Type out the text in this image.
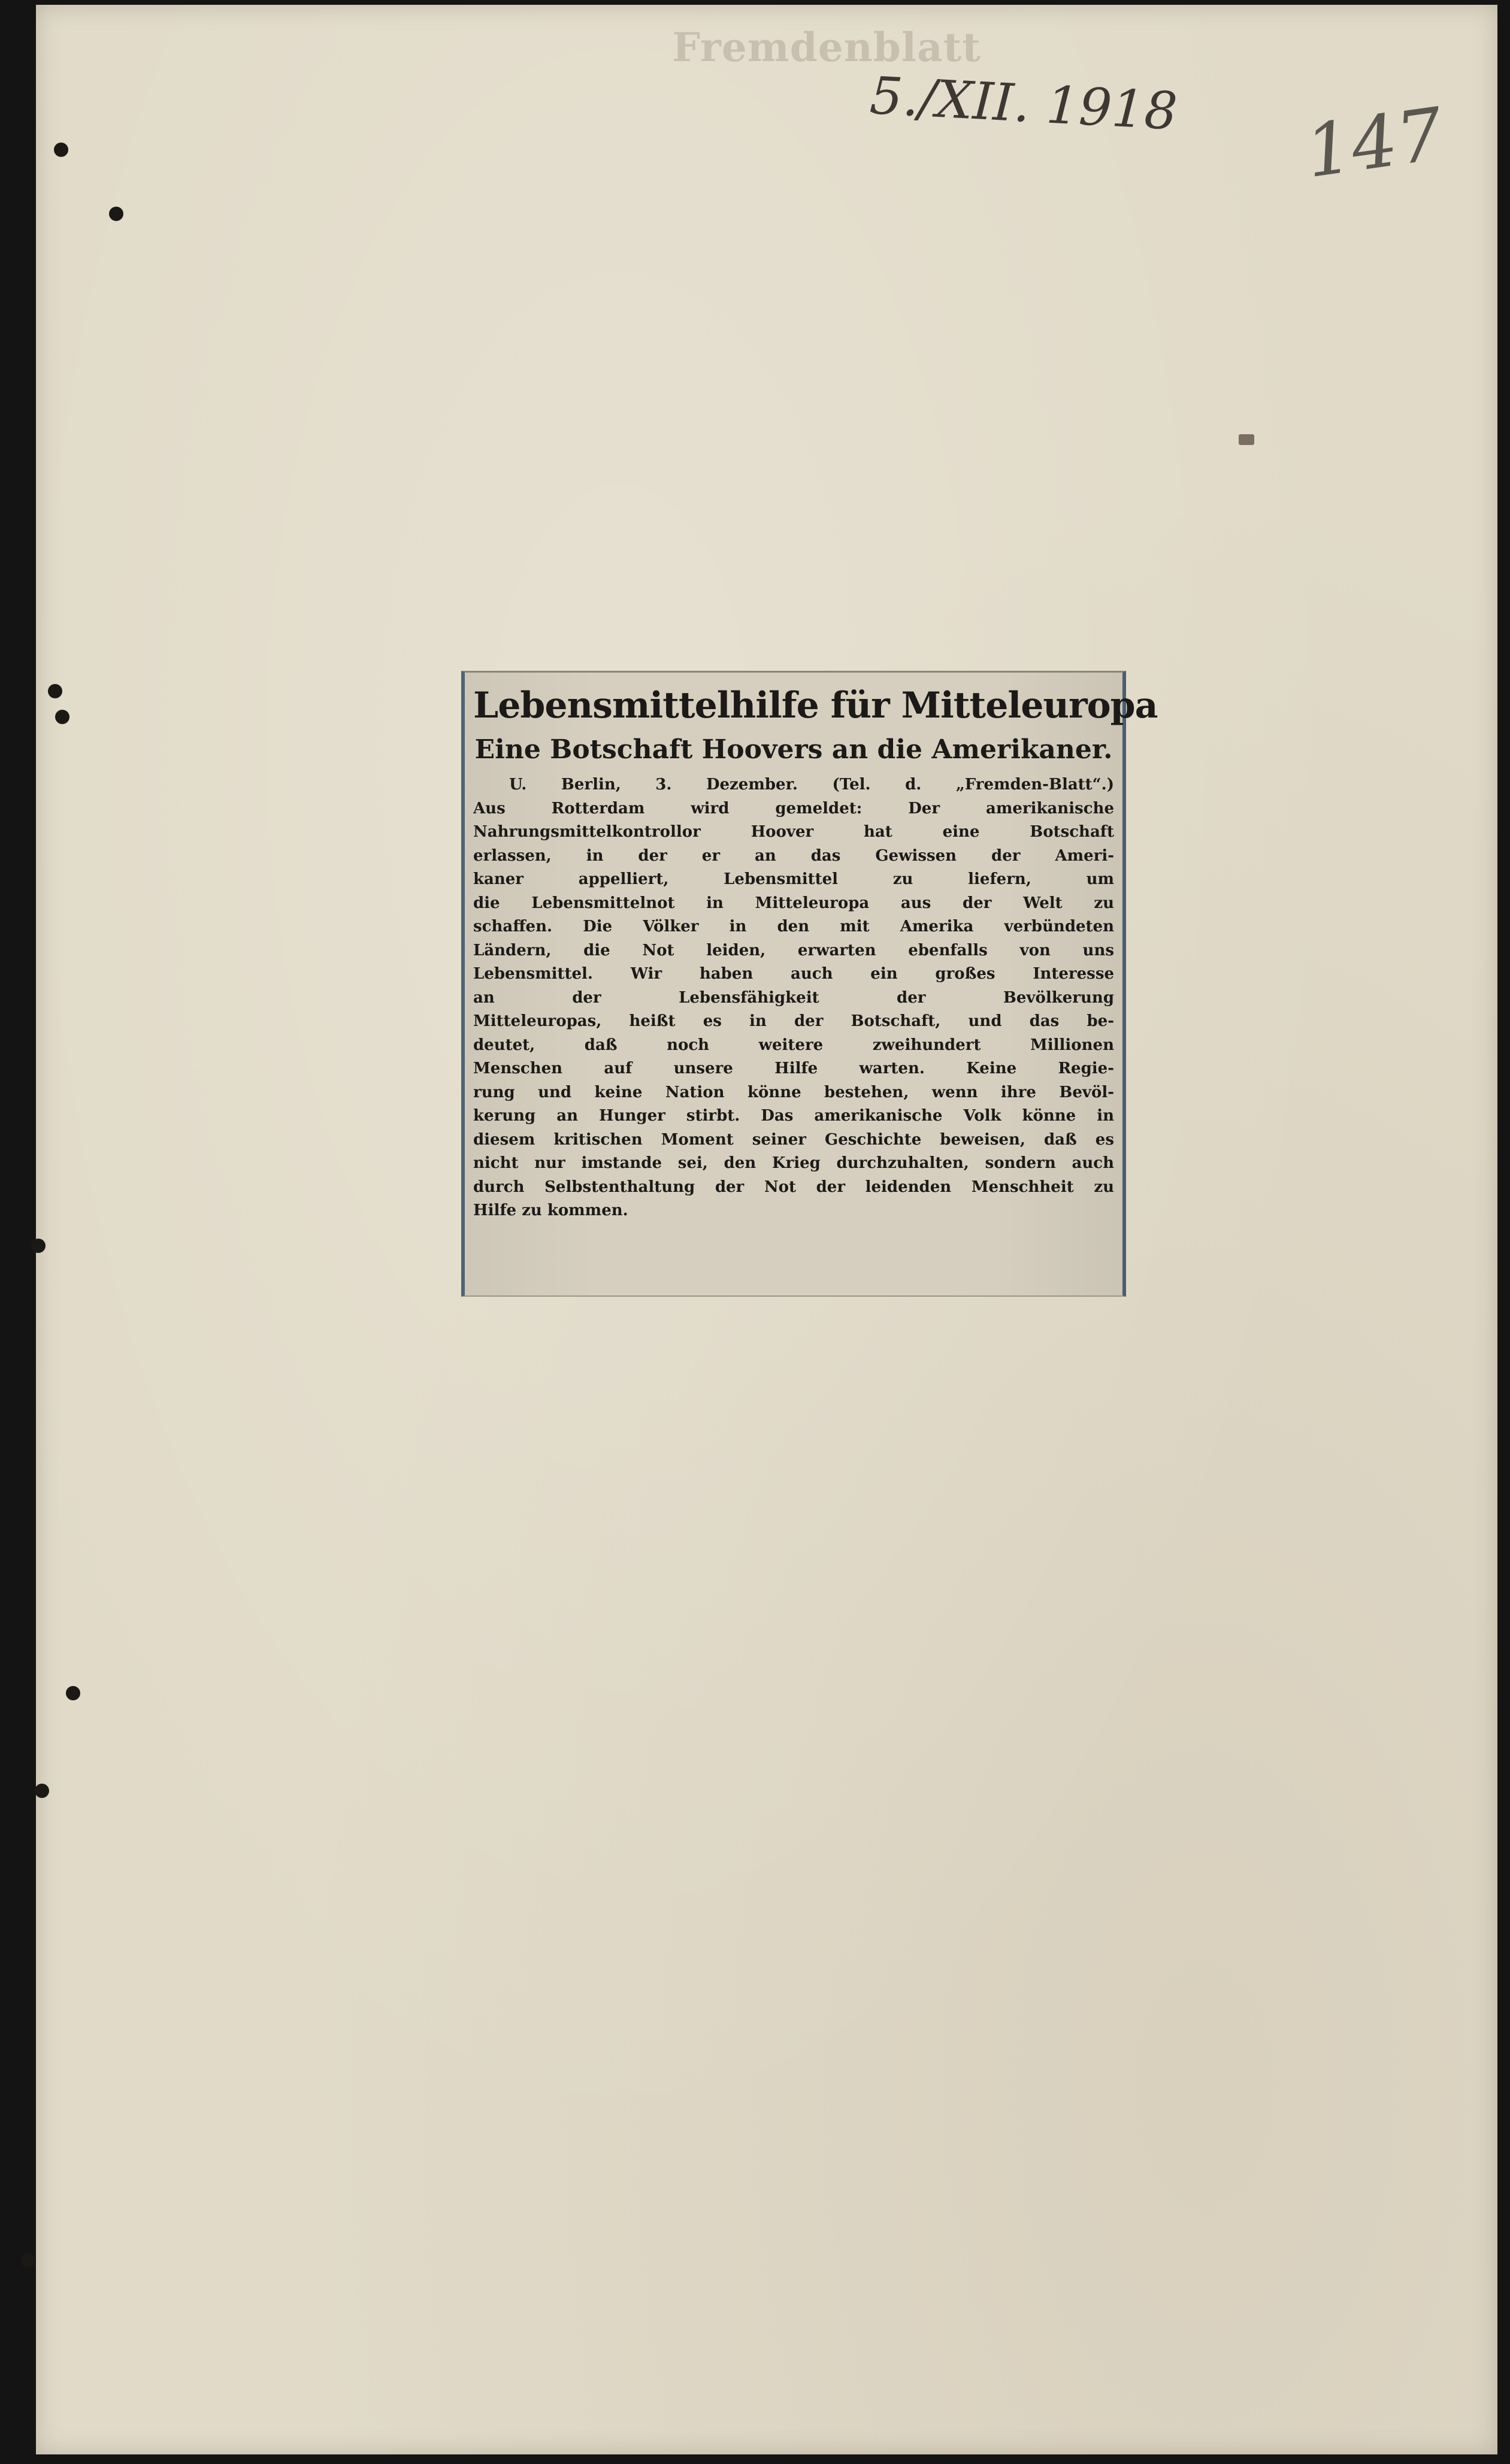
Fremdenblatt
5./XII. 1918 147
Lebensmittelhilfe für Mitteleuropa
Eine Botschaft Hoovers an die Amerikaner.
U. Berlin, 3. Dezember. (Tel. d. „Fremden-Blatt“.)
Aus Rotterdam wird gemeldet: Der amerikanische
Nahrungsmittelkontrollor Hoover hat eine Botschaft
erlassen, in der er an das Gewissen der Ameri-
kaner appelliert, Lebensmittel zu liefern, um
die Lebensmittelnot in Mitteleuropa aus der Welt zu
schaffen. Die Völker in den mit Amerika verbündeten
Ländern, die Not leiden, erwarten ebenfalls von uns
Lebensmittel. Wir haben auch ein großes Interesse
an der Lebensfähigkeit der Bevölkerung
Mitteleuropas, heißt es in der Botschaft, und das be-
deutet, daß noch weitere zweihundert Millionen
Menschen auf unsere Hilfe warten. Keine Regie-
rung und keine Nation könne bestehen, wenn ihre Bevöl-
kerung an Hunger stirbt. Das amerikanische Volk könne in
diesem kritischen Moment seiner Geschichte beweisen, daß es
nicht nur imstande sei, den Krieg durchzuhalten, sondern auch
durch Selbstenthaltung der Not der leidenden Menschheit zu
Hilfe zu kommen.
